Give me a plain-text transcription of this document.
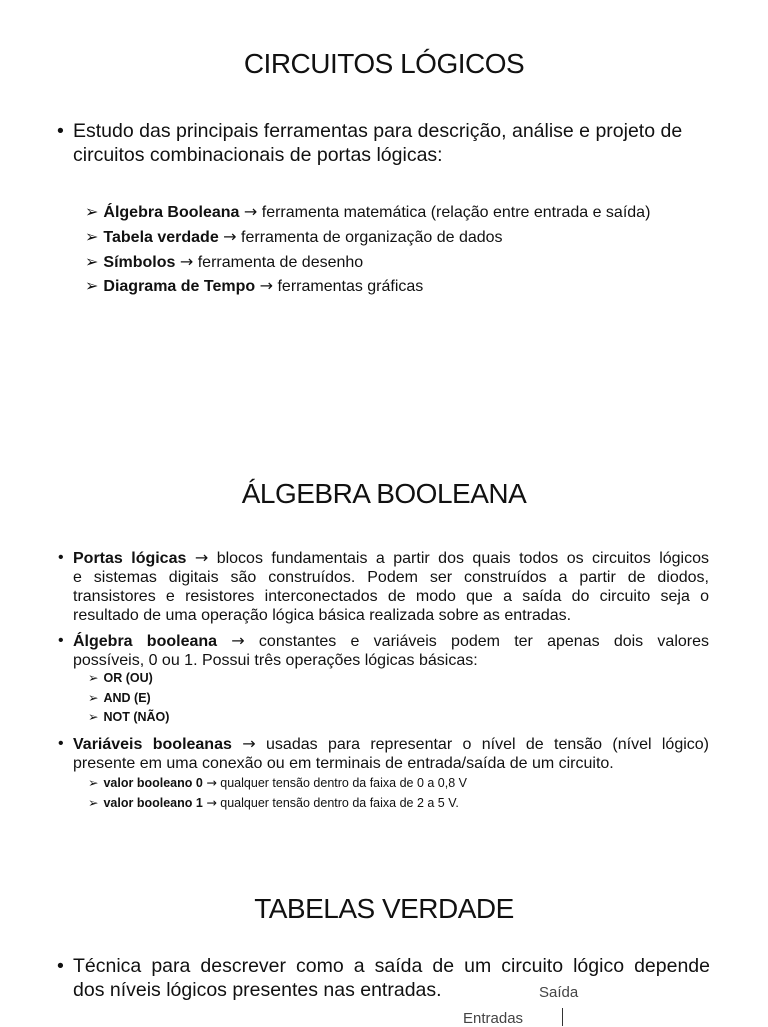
CIRCUITOS LÓGICOS
• Estudo das principais ferramentas para descrição, análise e projeto de
circuitos combinacionais de portas lógicas:
➢ Álgebra Booleana → ferramenta matemática (relação entre entrada e saída)
➢ Tabela verdade → ferramenta de organização de dados
➢ Símbolos → ferramenta de desenho
➢ Diagrama de Tempo → ferramentas gráficas
ÁLGEBRA BOOLEANA
• Portas lógicas → blocos fundamentais a partir dos quais todos os circuitos lógicos
e sistemas digitais são construídos. Podem ser construídos a partir de diodos,
transistores e resistores interconectados de modo que a saída do circuito seja o
resultado de uma operação lógica básica realizada sobre as entradas.
• Álgebra booleana → constantes e variáveis podem ter apenas dois valores
possíveis, 0 ou 1. Possui três operações lógicas básicas:
➢ OR (OU)
➢ AND (E)
➢ NOT (NÃO)
• Variáveis booleanas → usadas para representar o nível de tensão (nível lógico)
presente em uma conexão ou em terminais de entrada/saída de um circuito.
➢ valor booleano 0 → qualquer tensão dentro da faixa de 0 a 0,8 V
➢ valor booleano 1 → qualquer tensão dentro da faixa de 2 a 5 V.
TABELAS VERDADE
• Técnica para descrever como a saída de um circuito lógico depende
dos níveis lógicos presentes nas entradas.	Saída
Entradas
